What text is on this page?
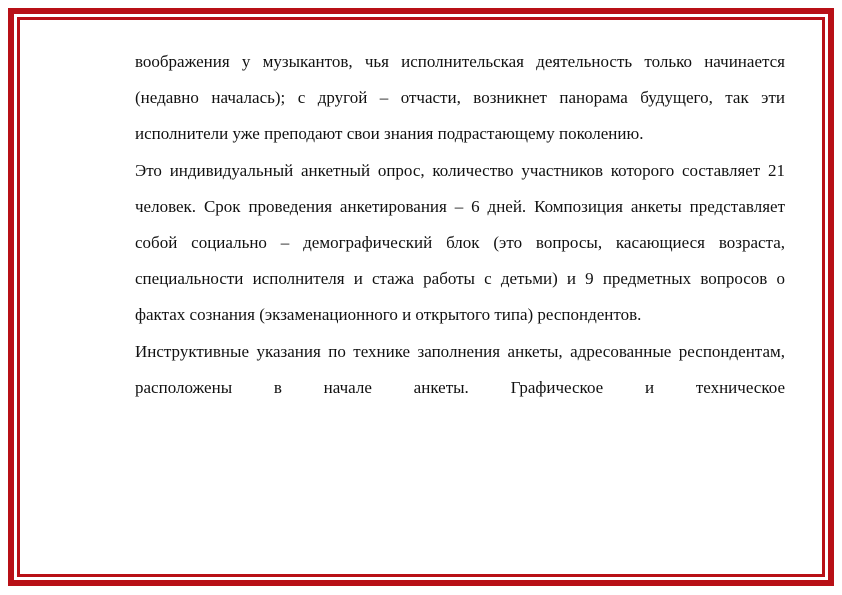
воображения у музыкантов, чья исполнительская деятельность только начинается (недавно началась); с другой – отчасти, возникнет панорама будущего, так эти исполнители уже преподают свои знания подрастающему поколению.

Это индивидуальный анкетный опрос, количество участников которого составляет 21 человек. Срок проведения анкетирования – 6 дней. Композиция анкеты представляет собой социально – демографический блок (это вопросы, касающиеся возраста, специальности исполнителя и стажа работы с детьми) и 9 предметных вопросов о фактах сознания (экзаменационного и открытого типа) респондентов.

Инструктивные указания по технике заполнения анкеты, адресованные респондентам, расположены в начале анкеты. Графическое и техническое
